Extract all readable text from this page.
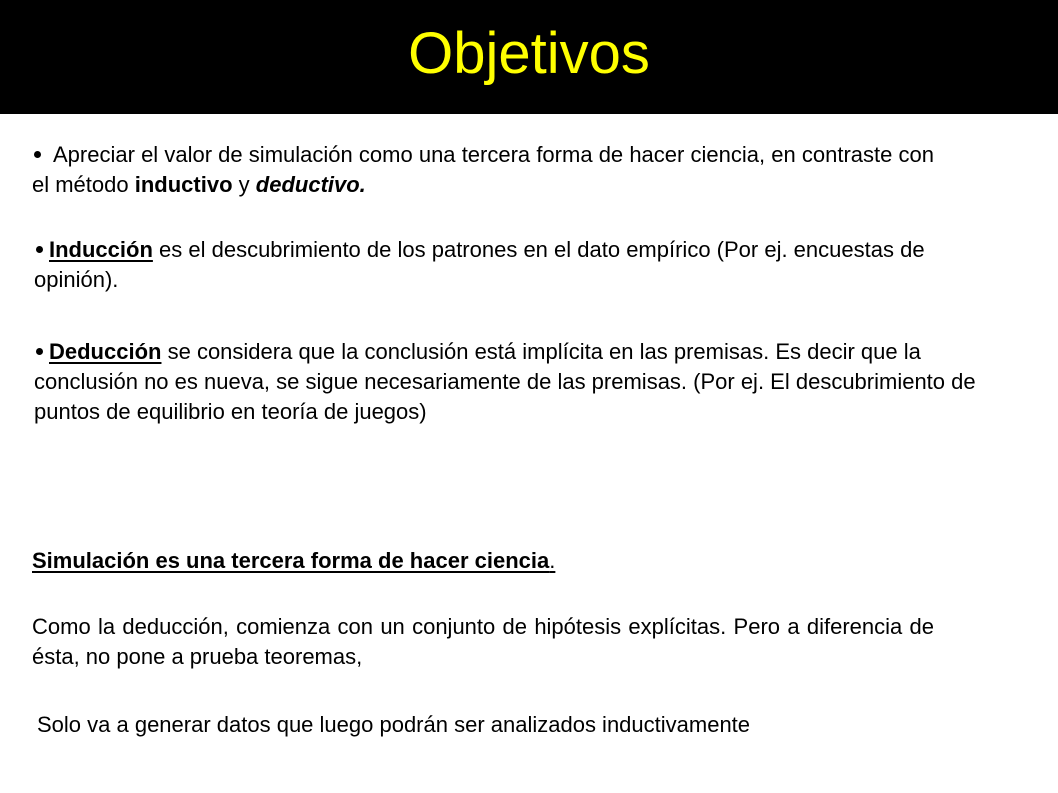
Objetivos
Apreciar el valor de simulación como una tercera forma de hacer ciencia, en contraste con el método inductivo y deductivo.
Inducción es el descubrimiento de los patrones en el dato empírico (Por ej. encuestas de opinión).
Deducción se considera que la conclusión está implícita en las premisas. Es decir que la conclusión no es nueva, se sigue necesariamente de las premisas. (Por ej. El descubrimiento de puntos de equilibrio en teoría de juegos)
Simulación es una tercera forma de hacer ciencia.
Como la deducción, comienza con un conjunto de hipótesis explícitas. Pero a diferencia de ésta, no pone a prueba teoremas,
Solo va a generar datos que luego podrán ser analizados inductivamente
